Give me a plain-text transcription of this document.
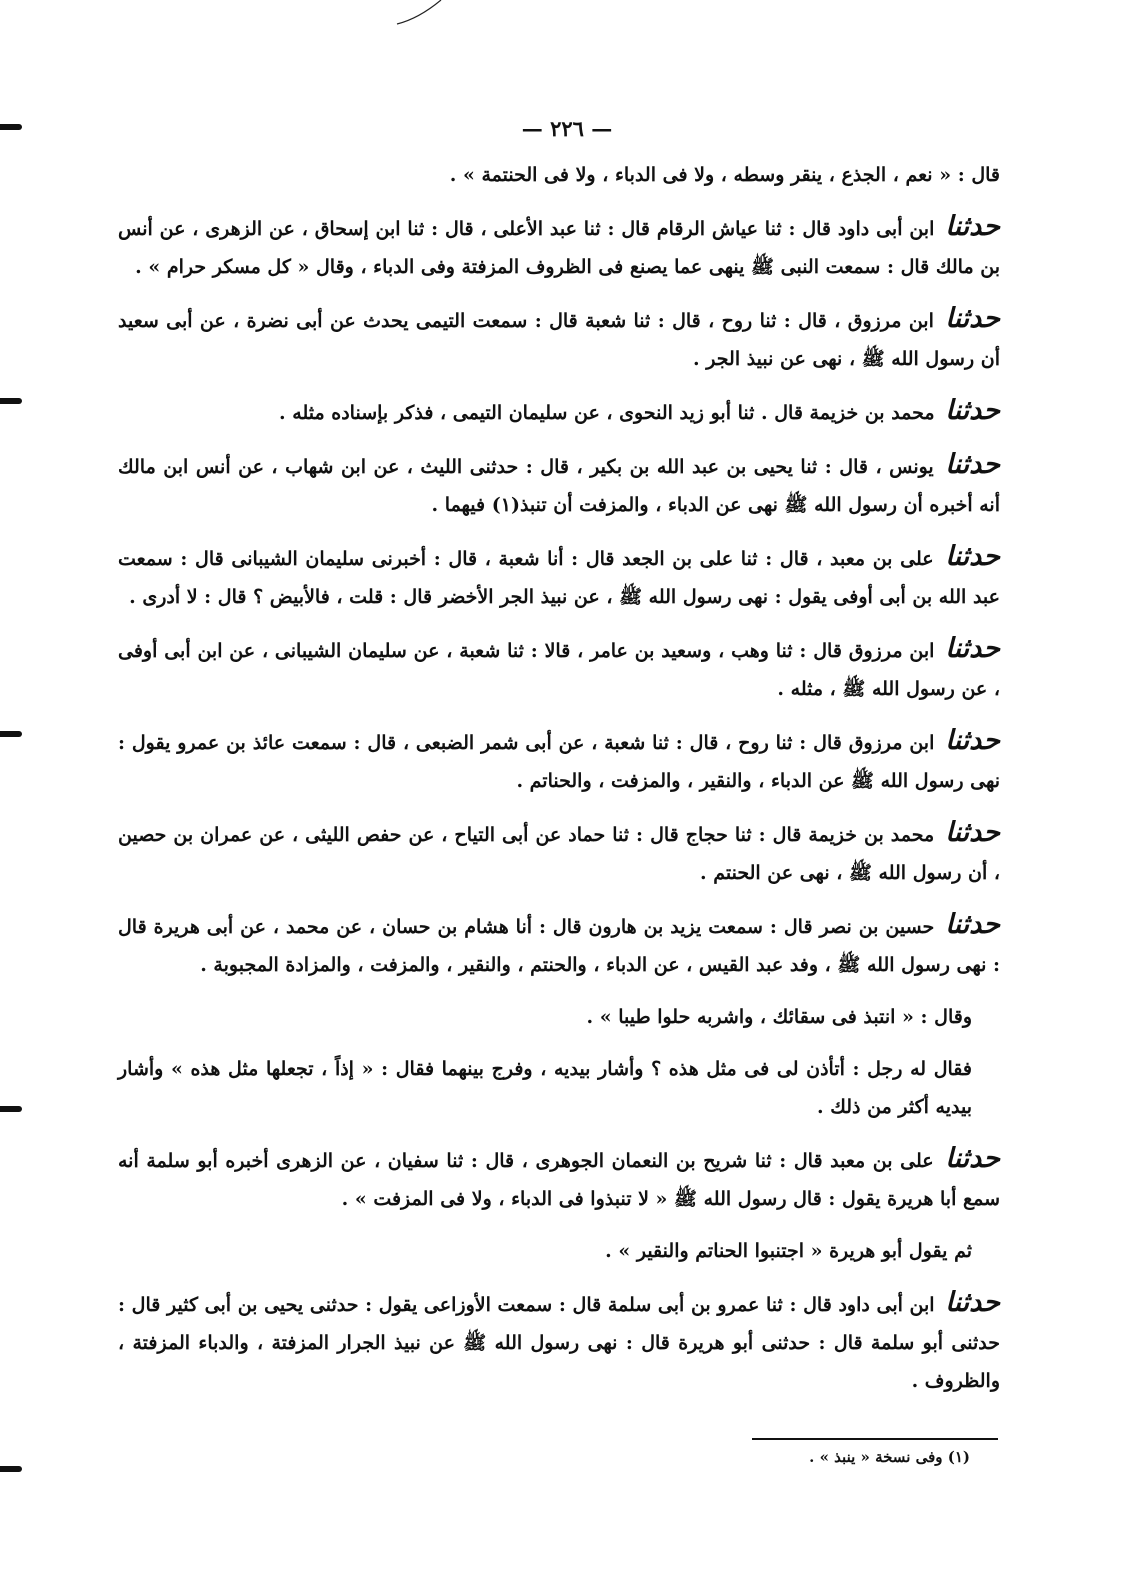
— ٢٢٦ —

قال : « نعم ، الجذع ، ينقر وسطه ، ولا فى الدباء ، ولا فى الحنتمة » .

حدثنا ابن أبى داود قال : ثنا عياش الرقام قال : ثنا عبد الأعلى ، قال : ثنا ابن إسحاق ، عن الزهرى ، عن أنس بن مالك قال : سمعت النبى ﷺ ينهى عما يصنع فى الظروف المزفتة وفى الدباء ، وقال « كل مسكر حرام » .

حدثنا ابن مرزوق ، قال : ثنا روح ، قال : ثنا شعبة قال : سمعت التيمى يحدث عن أبى نضرة ، عن أبى سعيد أن رسول الله ﷺ ، نهى عن نبيذ الجر .

حدثنا محمد بن خزيمة قال . ثنا أبو زيد النحوى ، عن سليمان التيمى ، فذكر بإسناده مثله .

حدثنا يونس ، قال : ثنا يحيى بن عبد الله بن بكير ، قال : حدثنى الليث ، عن ابن شهاب ، عن أنس ابن مالك أنه أخبره أن رسول الله ﷺ نهى عن الدباء ، والمزفت أن تنبذ(١) فيهما .

حدثنا على بن معبد ، قال : ثنا على بن الجعد قال : أنا شعبة ، قال : أخبرنى سليمان الشيبانى قال : سمعت عبد الله بن أبى أوفى يقول : نهى رسول الله ﷺ ، عن نبيذ الجر الأخضر قال : قلت ، فالأبيض ؟ قال : لا أدرى .

حدثنا ابن مرزوق قال : ثنا وهب ، وسعيد بن عامر ، قالا : ثنا شعبة ، عن سليمان الشيبانى ، عن ابن أبى أوفى ، عن رسول الله ﷺ ، مثله .

حدثنا ابن مرزوق قال : ثنا روح ، قال : ثنا شعبة ، عن أبى شمر الضبعى ، قال : سمعت عائذ بن عمرو يقول : نهى رسول الله ﷺ عن الدباء ، والنقير ، والمزفت ، والحناتم .

حدثنا محمد بن خزيمة قال : ثنا حجاج قال : ثنا حماد عن أبى التياح ، عن حفص الليثى ، عن عمران بن حصين ، أن رسول الله ﷺ ، نهى عن الحنتم .

حدثنا حسين بن نصر قال : سمعت يزيد بن هارون قال : أنا هشام بن حسان ، عن محمد ، عن أبى هريرة قال : نهى رسول الله ﷺ ، وفد عبد القيس ، عن الدباء ، والحنتم ، والنقير ، والمزفت ، والمزادة المجبوبة .

وقال : « انتبذ فى سقائك ، واشربه حلوا طيبا » .

فقال له رجل : أتأذن لى فى مثل هذه ؟ وأشار بيديه ، وفرج بينهما فقال : « إذاً ، تجعلها مثل هذه » وأشار بيديه أكثر من ذلك .

حدثنا على بن معبد قال : ثنا شريح بن النعمان الجوهرى ، قال : ثنا سفيان ، عن الزهرى أخبره أبو سلمة أنه سمع أبا هريرة يقول : قال رسول الله ﷺ « لا تنبذوا فى الدباء ، ولا فى المزفت » .

ثم يقول أبو هريرة « اجتنبوا الحناتم والنقير » .

حدثنا ابن أبى داود قال : ثنا عمرو بن أبى سلمة قال : سمعت الأوزاعى يقول : حدثنى يحيى بن أبى كثير قال : حدثنى أبو سلمة قال : حدثنى أبو هريرة قال : نهى رسول الله ﷺ عن نبيذ الجرار المزفتة ، والدباء المزفتة ، والظروف .

(١) وفى نسخة « ينبذ » .
